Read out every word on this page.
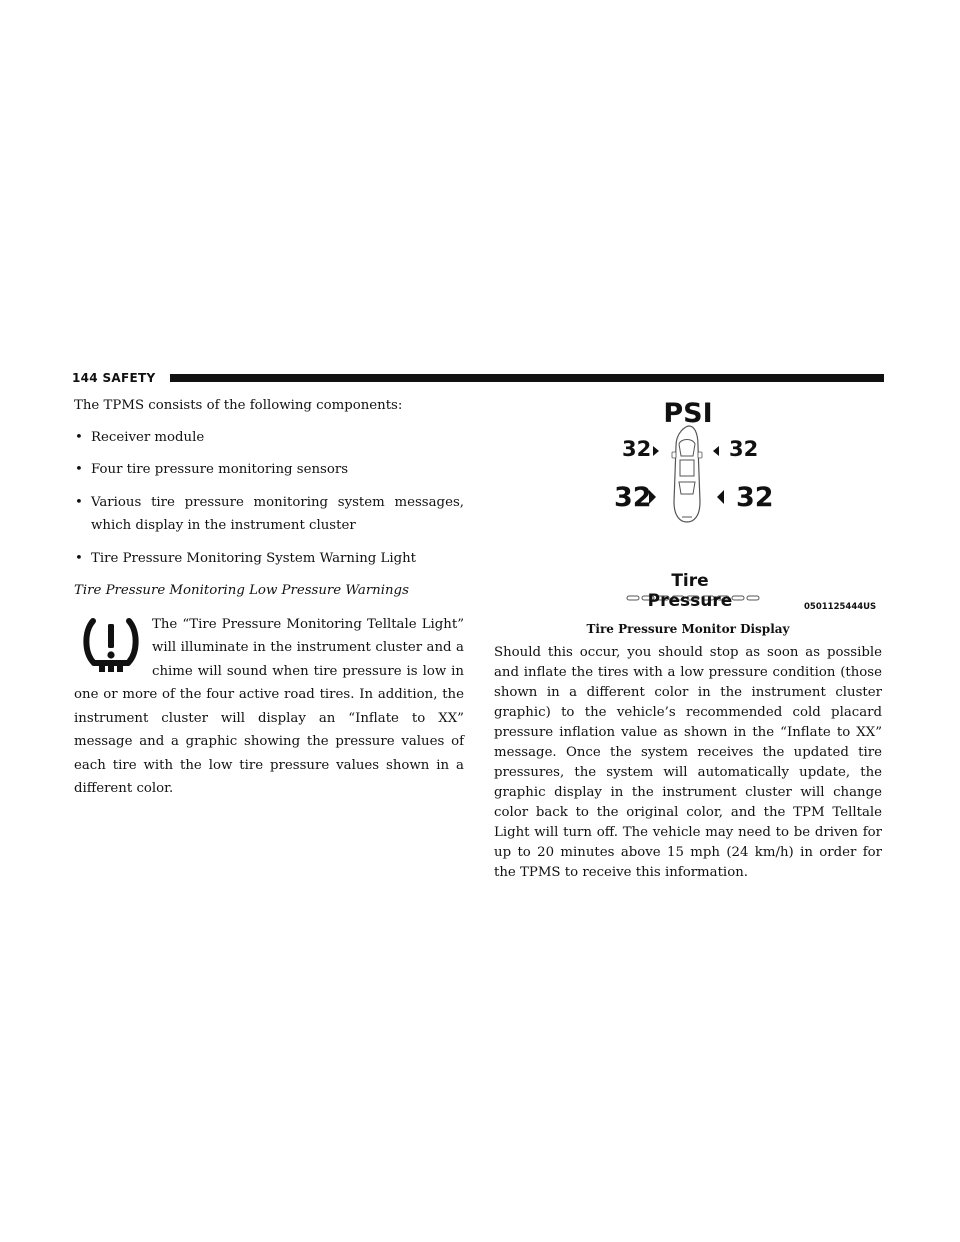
144 SAFETY

The TPMS consists of the following components:

• Receiver module
• Four tire pressure monitoring sensors
• Various tire pressure monitoring system messages, which display in the instrument cluster
• Tire Pressure Monitoring System Warning Light

Tire Pressure Monitoring Low Pressure Warnings

The “Tire Pressure Monitoring Telltale Light” will illuminate in the instrument cluster and a chime will sound when tire pressure is low in one or more of the four active road tires. In addition, the instrument cluster will display an “Inflate to XX” message and a graphic showing the pressure values of each tire with the low tire pressure values shown in a different color.

PSI
32	32
32	32
Tire Pressure	0501125444US
Tire Pressure Monitor Display

Should this occur, you should stop as soon as possible and inflate the tires with a low pressure condition (those shown in a different color in the instrument cluster graphic) to the vehicle’s recommended cold placard pressure inflation value as shown in the “Inflate to XX” message. Once the system receives the updated tire pressures, the system will automatically update, the graphic display in the instrument cluster will change color back to the original color, and the TPM Telltale Light will turn off. The vehicle may need to be driven for up to 20 minutes above 15 mph (24 km/h) in order for the TPMS to receive this information.
